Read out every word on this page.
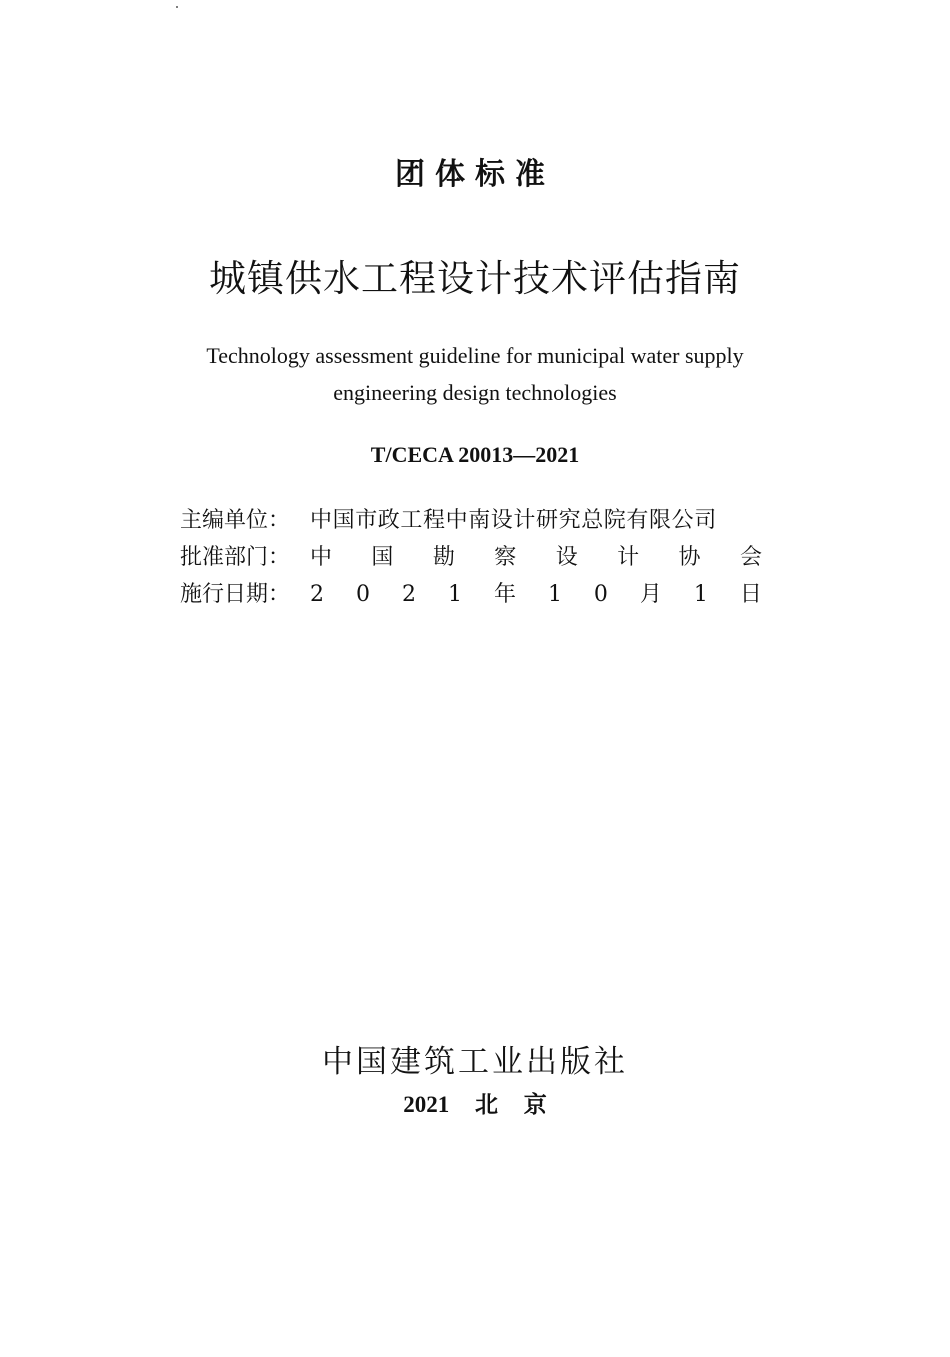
团体标准
城镇供水工程设计技术评估指南
Technology assessment guideline for municipal water supply
engineering design technologies
T/CECA 20013—2021
主编单位： 中国市政工程中南设计研究总院有限公司
批准部门： 中 国 勘 察 设 计 协 会
施行日期： 2 0 2 1 年 1 0 月 1 日
中国建筑工业出版社
2021 北 京
